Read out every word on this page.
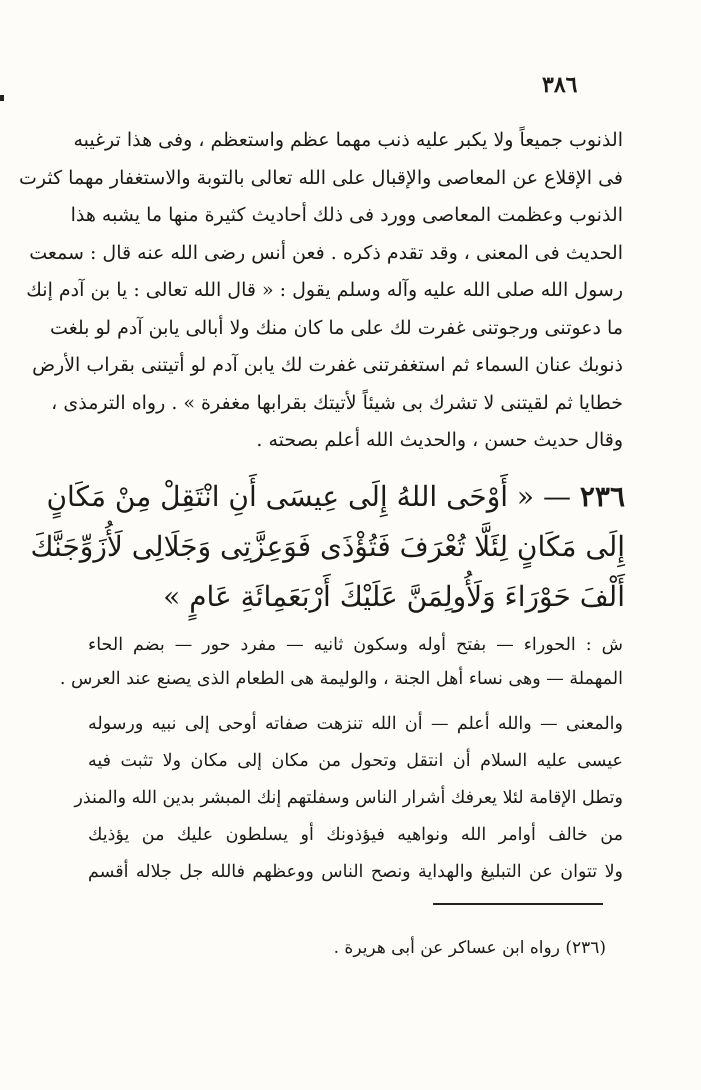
٣٨٦
الذنوب جميعاً ولا يكبر عليه ذنب مهما عظم واستعظم ، وفى هذا ترغيبه
فى الإقلاع عن المعاصى والإقبال على الله تعالى بالتوبة والاستغفار مهما كثرت
الذنوب وعظمت المعاصى وورد فى ذلك أحاديث كثيرة منها ما يشبه هذا
الحديث فى المعنى ، وقد تقدم ذكره . فعن أنس رضى الله عنه قال : سمعت
رسول الله صلى الله عليه وآله وسلم يقول : « قال الله تعالى : يا بن آدم إنك
ما دعوتنى ورجوتنى غفرت لك على ما كان منك ولا أبالى يابن آدم لو بلغت
ذنوبك عنان السماء ثم استغفرتنى غفرت لك يابن آدم لو أتيتنى بقراب الأرض
خطايا ثم لقيتنى لا تشرك بى شيئاً لأتيتك بقرابها مغفرة » . رواه الترمذى ،
وقال حديث حسن ، والحديث الله أعلم بصحته .
٢٣٦ — « أَوْحَى اللهُ إِلَى عِيسَى أَنِ انْتَقِلْ مِنْ مَكَانٍ
إِلَى مَكَانٍ لِئَلَّا تُعْرَفَ فَتُؤْذَى فَوَعِزَّتِى وَجَلَالِى لَأُزَوِّجَنَّكَ
أَلْفَ حَوْرَاءَ وَلَأُولِمَنَّ عَلَيْكَ أَرْبَعَمِائَةِ عَامٍ »
ش : الحوراء — بفتح أوله وسكون ثانيه — مفرد حور — بضم الحاء
المهملة — وهى نساء أهل الجنة ، والوليمة هى الطعام الذى يصنع عند العرس .
والمعنى — والله أعلم — أن الله تنزهت صفاته أوحى إلى نبيه ورسوله
عيسى عليه السلام أن انتقل وتحول من مكان إلى مكان ولا تثبت فيه
وتطل الإقامة لئلا يعرفك أشرار الناس وسفلتهم إنك المبشر بدين الله والمنذر
من خالف أوامر الله ونواهيه فيؤذونك أو يسلطون عليك من يؤذيك
ولا تتوان عن التبليغ والهداية ونصح الناس ووعظهم فالله جل جلاله أقسم
(٢٣٦) رواه ابن عساكر عن أبى هريرة .
